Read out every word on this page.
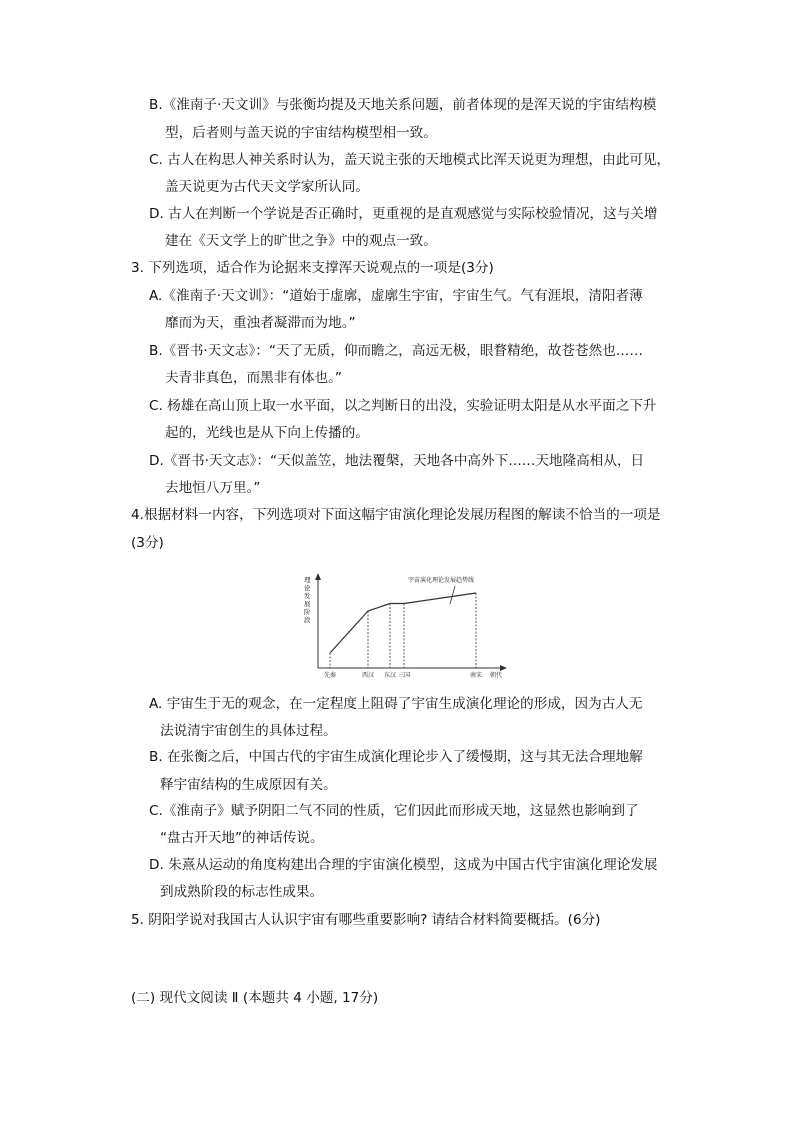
B.《淮南子·天文训》与张衡均提及天地关系问题，前者体现的是浑天说的宇宙结构模
型，后者则与盖天说的宇宙结构模型相一致。
C. 古人在构思人神关系时认为，盖天说主张的天地模式比浑天说更为理想，由此可见，
盖天说更为古代天文学家所认同。
D. 古人在判断一个学说是否正确时，更重视的是直观感觉与实际校验情况，这与关增
建在《天文学上的旷世之争》中的观点一致。
3. 下列选项，适合作为论据来支撑浑天说观点的一项是(3分)
A.《淮南子·天文训》：“道始于虚廓，虚廓生宇宙，宇宙生气。气有涯垠，清阳者薄
靡而为天，重浊者凝滞而为地。”
B.《晋书·天文志》：“天了无质，仰而瞻之，高远无极，眼瞀精绝，故苍苍然也……
夫青非真色，而黑非有体也。”
C. 杨雄在高山顶上取一水平面，以之判断日的出没，实验证明太阳是从水平面之下升
起的，光线也是从下向上传播的。
D.《晋书·天文志》：“天似盖笠，地法覆槃，天地各中高外下……天地隆高相从，日
去地恒八万里。”
4.根据材料一内容，下列选项对下面这幅宇宙演化理论发展历程图的解读不恰当的一项是
(3分)
理
论
发
展
阶
段
先秦	西汉 东汉 三国	南宋 朝代
宇宙演化理论发展趋势线
A. 宇宙生于无的观念，在一定程度上阻碍了宇宙生成演化理论的形成，因为古人无
法说清宇宙创生的具体过程。
B. 在张衡之后，中国古代的宇宙生成演化理论步入了缓慢期，这与其无法合理地解
释宇宙结构的生成原因有关。
C.《淮南子》赋予阴阳二气不同的性质，它们因此而形成天地，这显然也影响到了
“盘古开天地”的神话传说。
D. 朱熹从运动的角度构建出合理的宇宙演化模型，这成为中国古代宇宙演化理论发展
到成熟阶段的标志性成果。
5. 阴阳学说对我国古人认识宇宙有哪些重要影响? 请结合材料简要概括。(6分)
(二) 现代文阅读 Ⅱ (本题共 4 小题, 17分)
